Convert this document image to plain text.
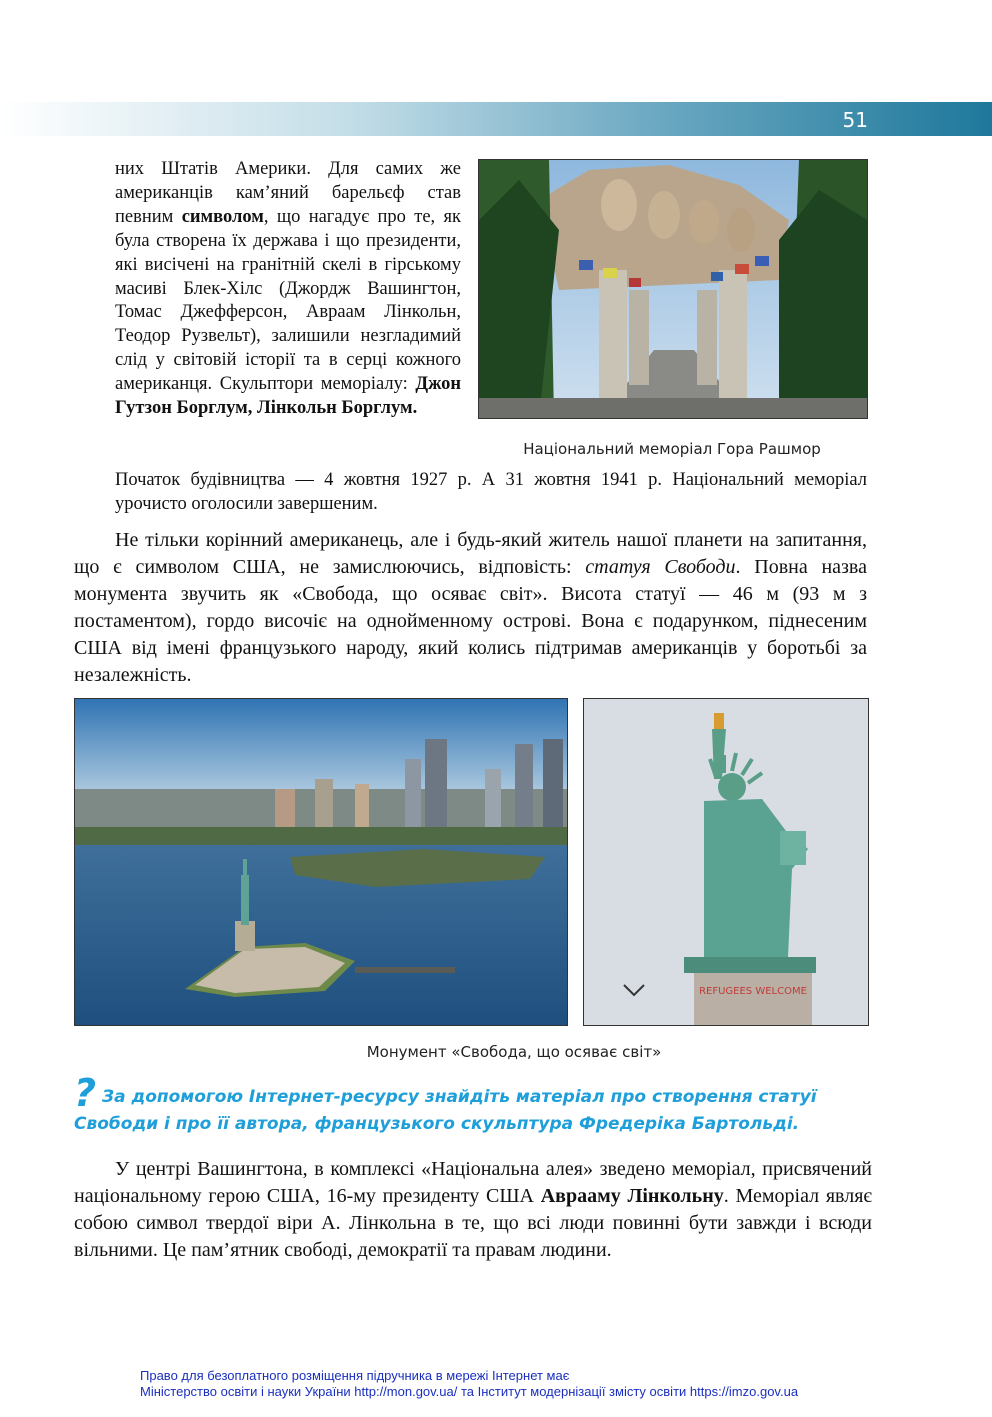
51

них Штатів Америки. Для самих же американців кам’яний барельєф став певним символом, що нагадує про те, як була створена їх держава і що президенти, які висічені на гранітній скелі в гірському масиві Блек-Хілс (Джордж Вашингтон, Томас Джефферсон, Авраам Лінкольн, Теодор Рузвельт), залишили незгладимий слід у світовій історії та в серці кожного американця. Скульптори меморіалу: Джон Гутзон Борглум, Лінкольн Борглум.

Національний меморіал Гора Рашмор

Початок будівництва — 4 жовтня 1927 р. А 31 жовтня 1941 р. Національний меморіал урочисто оголосили завершеним.

Не тільки корінний американець, але і будь-який житель нашої планети на запитання, що є символом США, не замислюючись, відповість: статуя Свободи. Повна назва монумента звучить як «Свобода, що осяває світ». Висота статуї — 46 м (93 м з постаментом), гордо височіє на однойменному острові. Вона є подарунком, піднесеним США від імені французького народу, який колись підтримав американців у боротьбі за незалежність.

REFUGEES WELCOME
Монумент «Свобода, що осяває світ»
? За допомогою Інтернет-ресурсу знайдіть матеріал про створення статуї Свободи і про її автора, французького скульптура Фредеріка Бартольді.

У центрі Вашингтона, в комплексі «Національна алея» зведено меморіал, присвячений національному герою США, 16-му президенту США Аврааму Лінкольну. Меморіал являє собою символ твердої віри А. Лінкольна в те, що всі люди повинні бути завжди і всюди вільними. Це пам’ятник свободі, демократії та правам людини.

Право для безоплатного розміщення підручника в мережі Інтернет має
Міністерство освіти і науки України http://mon.gov.ua/ та Інститут модернізації змісту освіти https://imzo.gov.ua
